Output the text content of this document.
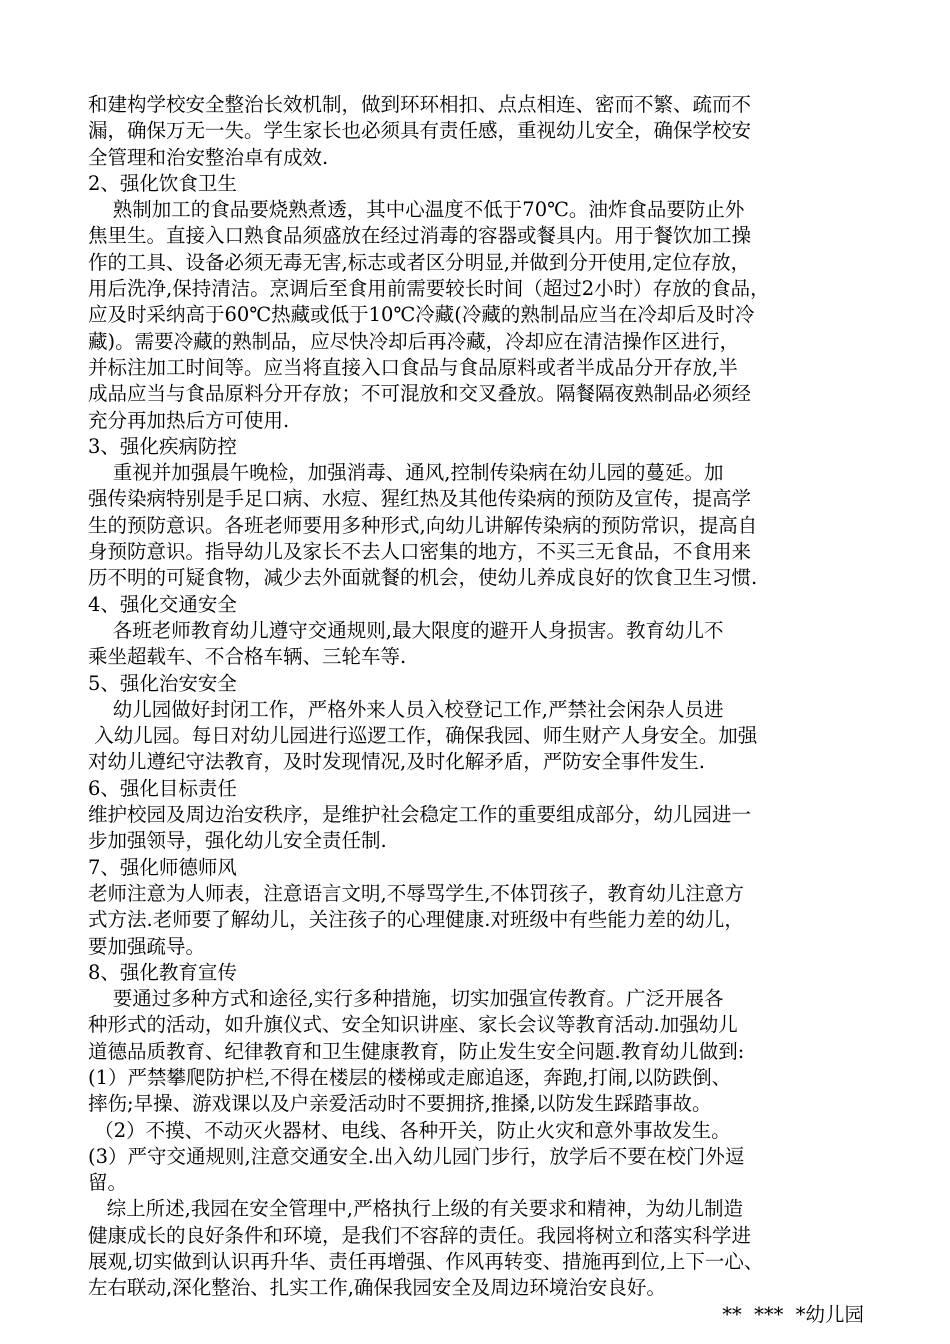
和建构学校安全整治长效机制，做到环环相扣、点点相连、密而不繁、疏而不
漏，确保万无一失。学生家长也必须具有责任感，重视幼儿安全，确保学校安
全管理和治安整治卓有成效.
2、强化饮食卫生
熟制加工的食品要烧熟煮透，其中心温度不低于70℃。油炸食品要防止外
焦里生。直接入口熟食品须盛放在经过消毒的容器或餐具内。用于餐饮加工操
作的工具、设备必须无毒无害,标志或者区分明显,并做到分开使用,定位存放，
用后洗净,保持清洁。烹调后至食用前需要较长时间（超过2小时）存放的食品，
应及时采纳高于60℃热藏或低于10℃冷藏(冷藏的熟制品应当在冷却后及时冷
藏)。需要冷藏的熟制品，应尽快冷却后再冷藏，冷却应在清洁操作区进行，
并标注加工时间等。应当将直接入口食品与食品原料或者半成品分开存放,半
成品应当与食品原料分开存放；不可混放和交叉叠放。隔餐隔夜熟制品必须经
充分再加热后方可使用.
3、强化疾病防控
重视并加强晨午晚检，加强消毒、通风,控制传染病在幼儿园的蔓延。加
强传染病特别是手足口病、水痘、猩红热及其他传染病的预防及宣传，提高学
生的预防意识。各班老师要用多种形式,向幼儿讲解传染病的预防常识，提高自
身预防意识。指导幼儿及家长不去人口密集的地方，不买三无食品，不食用来
历不明的可疑食物，减少去外面就餐的机会，使幼儿养成良好的饮食卫生习惯.
4、强化交通安全
各班老师教育幼儿遵守交通规则,最大限度的避开人身损害。教育幼儿不
乘坐超载车、不合格车辆、三轮车等.
5、强化治安安全
幼儿园做好封闭工作，严格外来人员入校登记工作,严禁社会闲杂人员进
入幼儿园。每日对幼儿园进行巡逻工作，确保我园、师生财产人身安全。加强
对幼儿遵纪守法教育，及时发现情况,及时化解矛盾，严防安全事件发生.
6、强化目标责任
维护校园及周边治安秩序，是维护社会稳定工作的重要组成部分，幼儿园进一
步加强领导，强化幼儿安全责任制.
7、强化师德师风
老师注意为人师表，注意语言文明,不辱骂学生,不体罚孩子，教育幼儿注意方
式方法.老师要了解幼儿，关注孩子的心理健康.对班级中有些能力差的幼儿，
要加强疏导。
8、强化教育宣传
要通过多种方式和途径,实行多种措施，切实加强宣传教育。广泛开展各
种形式的活动，如升旗仪式、安全知识讲座、家长会议等教育活动.加强幼儿
道德品质教育、纪律教育和卫生健康教育，防止发生安全问题.教育幼儿做到:
(1）严禁攀爬防护栏,不得在楼层的楼梯或走廊追逐，奔跑,打闹,以防跌倒、
摔伤;早操、游戏课以及户亲爱活动时不要拥挤,推搡,以防发生踩踏事故。
（2）不摸、不动灭火器材、电线、各种开关，防止火灾和意外事故发生。
(3）严守交通规则,注意交通安全.出入幼儿园门步行，放学后不要在校门外逗
留。
综上所述,我园在安全管理中,严格执行上级的有关要求和精神，为幼儿制造
健康成长的良好条件和环境，是我们不容辞的责任。我园将树立和落实科学进
展观,切实做到认识再升华、责任再增强、作风再转变、措施再到位,上下一心、
左右联动,深化整治、扎实工作,确保我园安全及周边环境治安良好。
**  ***  *幼儿园
